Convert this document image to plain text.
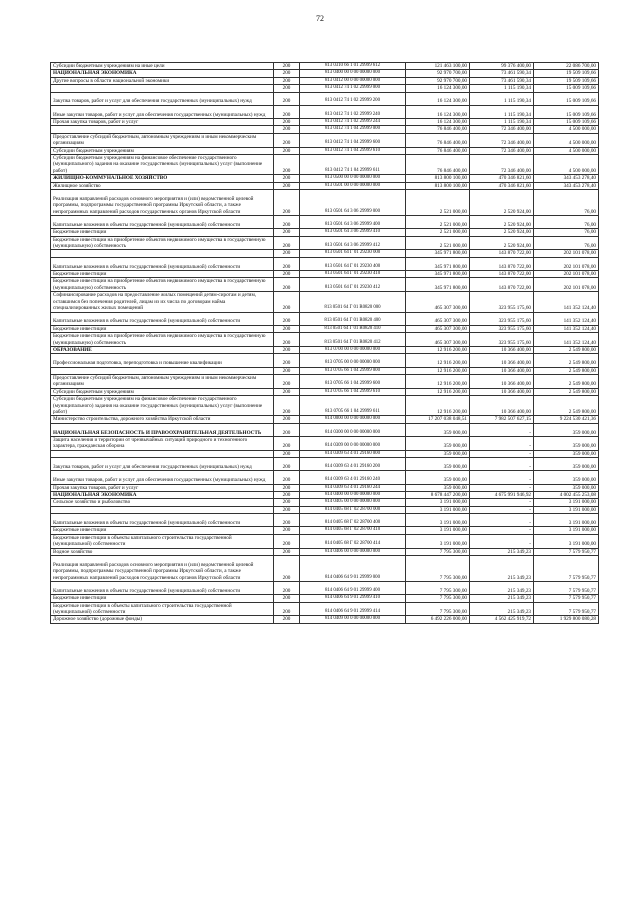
72
Субсидии бюджетным учреждениям на иные цели	200	813 0310 66 1 01 29999 612	121 463 100,00	99 376 400,00	22 086 700,00
НАЦИОНАЛЬНАЯ ЭКОНОМИКА	200	813 0400 00 0 00 00000 000	92 970 700,00	73 461 590,34	19 509 109,66
Другие вопросы в области национальной экономики	200	813 0412 00 0 00 00000 000	92 970 700,00	73 461 590,34	19 509 109,66
	200	813 0412 74 1 02 29999 000	16 124 300,00	1 115 190,34	15 009 109,66
Закупка товаров, работ и услуг для обеспечения государственных (муниципальных) нужд	200	813 0412 74 1 02 29999 200	16 124 300,00	1 115 190,34	15 009 109,66
Иные закупки товаров, работ и услуг для обеспечения государственных (муниципальных) нужд	200	813 0412 74 1 02 29999 240	16 124 300,00	1 115 190,34	15 009 109,66
Прочая закупка товаров, работ и услуг	200	813 0412 74 1 02 29999 244	16 124 300,00	1 115 190,34	15 009 109,66
	200	813 0412 74 1 04 29999 000	76 846 400,00	72 346 400,00	4 500 000,00
Предоставление субсидий бюджетным, автономным учреждениям и иным некоммерческим организациям	200	813 0412 74 1 04 29999 600	76 846 400,00	72 346 400,00	4 500 000,00
Субсидии бюджетным учреждениям	200	813 0412 74 1 04 29999 610	76 846 400,00	72 346 400,00	4 500 000,00
Субсидии бюджетным учреждениям на финансовое обеспечение государственного (муниципального) задания на оказание государственных (муниципальных) услуг (выполнение работ)	200	813 0412 74 1 04 29999 611	76 846 400,00	72 346 400,00	4 500 000,00
ЖИЛИЩНО-КОММУНАЛЬНОЕ ХОЗЯЙСТВО	200	813 0500 00 0 00 00000 000	813 800 100,00	470 346 821,60	343 453 278,40
Жилищное хозяйство	200	813 0501 00 0 00 00000 000	813 800 100,00	470 346 821,60	343 453 278,40
Реализация направлений расходов основного мероприятия и (или) ведомственной целевой программы, подпрограммы государственной программы Иркутской области, а также непрограммных направлений расходов государственных органов Иркутской области	200	813 0501 64 3 06 29999 000	2 521 000,00	2 520 924,00	76,00
Капитальные вложения в объекты государственной (муниципальной) собственности	200	813 0501 64 3 06 29999 400	2 521 000,00	2 520 924,00	76,00
Бюджетные инвестиции	200	813 0501 64 3 06 29999 410	2 521 000,00	2 520 924,00	76,00
Бюджетные инвестиции на приобретение объектов недвижимого имущества в государственную (муниципальную) собственность	200	813 0501 64 3 06 29999 412	2 521 000,00	2 520 924,00	76,00
	200	813 0501 64 Г 01 29230 000	345 971 800,00	143 870 722,00	202 101 078,00
Капитальные вложения в объекты государственной (муниципальной) собственности	200	813 0501 64 Г 01 29230 400	345 971 800,00	143 870 722,00	202 101 078,00
Бюджетные инвестиции	200	813 0501 64 Г 01 29230 410	345 971 800,00	143 870 722,00	202 101 078,00
Бюджетные инвестиции на приобретение объектов недвижимого имущества в государственную (муниципальную) собственность	200	813 0501 64 Г 01 29230 412	345 971 800,00	143 870 722,00	202 101 078,00
Софинансирование расходов на предоставление жилых помещений детям-сиротам и детям, оставшимся без попечения родителей, лицам из их числа по договорам найма специализированных жилых помещений	200	813 0501 64 Г 01 R0820 000	465 307 300,00	323 955 175,60	141 352 124,40
Капитальные вложения в объекты государственной (муниципальной) собственности	200	813 0501 64 Г 01 R0820 400	465 307 300,00	323 955 175,60	141 352 124,40
Бюджетные инвестиции	200	813 0501 64 Г 01 R0820 410	465 307 300,00	323 955 175,60	141 352 124,40
Бюджетные инвестиции на приобретение объектов недвижимого имущества в государственную (муниципальную) собственность	200	813 0501 64 Г 01 R0820 412	465 307 300,00	323 955 175,60	141 352 124,40
ОБРАЗОВАНИЕ	200	813 0700 00 0 00 00000 000	12 916 200,00	10 366 400,00	2 549 800,00
Профессиональная подготовка, переподготовка и повышение квалификации	200	813 0705 00 0 00 00000 000	12 916 200,00	10 366 400,00	2 549 800,00
	200	813 0705 66 1 04 29999 000	12 916 200,00	10 366 400,00	2 549 800,00
Предоставление субсидий бюджетным, автономным учреждениям и иным некоммерческим организациям	200	813 0705 66 1 04 29999 600	12 916 200,00	10 366 400,00	2 549 800,00
Субсидии бюджетным учреждениям	200	813 0705 66 1 04 29999 610	12 916 200,00	10 366 400,00	2 549 800,00
Субсидии бюджетным учреждениям на финансовое обеспечение государственного (муниципального) задания на оказание государственных (муниципальных) услуг (выполнение работ)	200	813 0705 66 1 04 29999 611	12 916 200,00	10 366 400,00	2 549 800,00
Министерство строительства, дорожного хозяйства Иркутской области	200	814 0000 00 0 00 00000 000	17 207 038 048,51	7 982 507 627,15	9 224 530 421,36
НАЦИОНАЛЬНАЯ БЕЗОПАСНОСТЬ И ПРАВООХРАНИТЕЛЬНАЯ ДЕЯТЕЛЬНОСТЬ	200	814 0300 00 0 00 00000 000	359 000,00	-	359 000,00
Защита населения и территории от чрезвычайных ситуаций природного и техногенного характера, гражданская оборона	200	814 0309 00 0 00 00000 000	359 000,00	-	359 000,00
	200	814 0309 63 4 01 29160 000	359 000,00	-	359 000,00
Закупка товаров, работ и услуг для обеспечения государственных (муниципальных) нужд	200	814 0309 63 4 01 29160 200	359 000,00	-	359 000,00
Иные закупки товаров, работ и услуг для обеспечения государственных (муниципальных) нужд	200	814 0309 63 4 01 29160 240	359 000,00	-	359 000,00
Прочая закупка товаров, работ и услуг	200	814 0309 63 4 01 29160 244	359 000,00	-	359 000,00
НАЦИОНАЛЬНАЯ ЭКОНОМИКА	200	814 0400 00 0 00 00000 000	8 678 447 200,00	4 675 991 946,92	4 002 455 253,08
Сельское хозяйство и рыболовство	200	814 0405 00 0 00 00000 000	3 191 000,00	-	3 191 000,00
	200	814 0405 68 Г 02 28700 000	3 191 000,00	-	3 191 000,00
Капитальные вложения в объекты государственной (муниципальной) собственности	200	814 0405 68 Г 02 28700 400	3 191 000,00	-	3 191 000,00
Бюджетные инвестиции	200	814 0405 68 Г 02 28700 410	3 191 000,00	-	3 191 000,00
Бюджетные инвестиции в объекты капитального строительства государственной (муниципальной) собственности	200	814 0405 68 Г 02 28700 414	3 191 000,00	-	3 191 000,00
Водное хозяйство	200	814 0406 00 0 00 00000 000	7 795 300,00	215 349,23	7 579 950,77
Реализация направлений расходов основного мероприятия и (или) ведомственной целевой программы, подпрограммы государственной программы Иркутской области, а также непрограммных направлений расходов государственных органов Иркутской области	200	814 0406 64 9 01 29999 000	7 795 300,00	215 349,23	7 579 950,77
Капитальные вложения в объекты государственной (муниципальной) собственности	200	814 0406 64 9 01 29999 400	7 795 300,00	215 349,23	7 579 950,77
Бюджетные инвестиции	200	814 0406 64 9 01 29999 410	7 795 300,00	215 349,23	7 579 950,77
Бюджетные инвестиции в объекты капитального строительства государственной (муниципальной) собственности	200	814 0406 64 9 01 29999 414	7 795 300,00	215 349,23	7 579 950,77
Дорожное хозяйство (дорожные фонды)	200	814 0409 00 0 00 00000 000	6 492 226 000,00	4 562 425 919,72	1 929 800 080,28
